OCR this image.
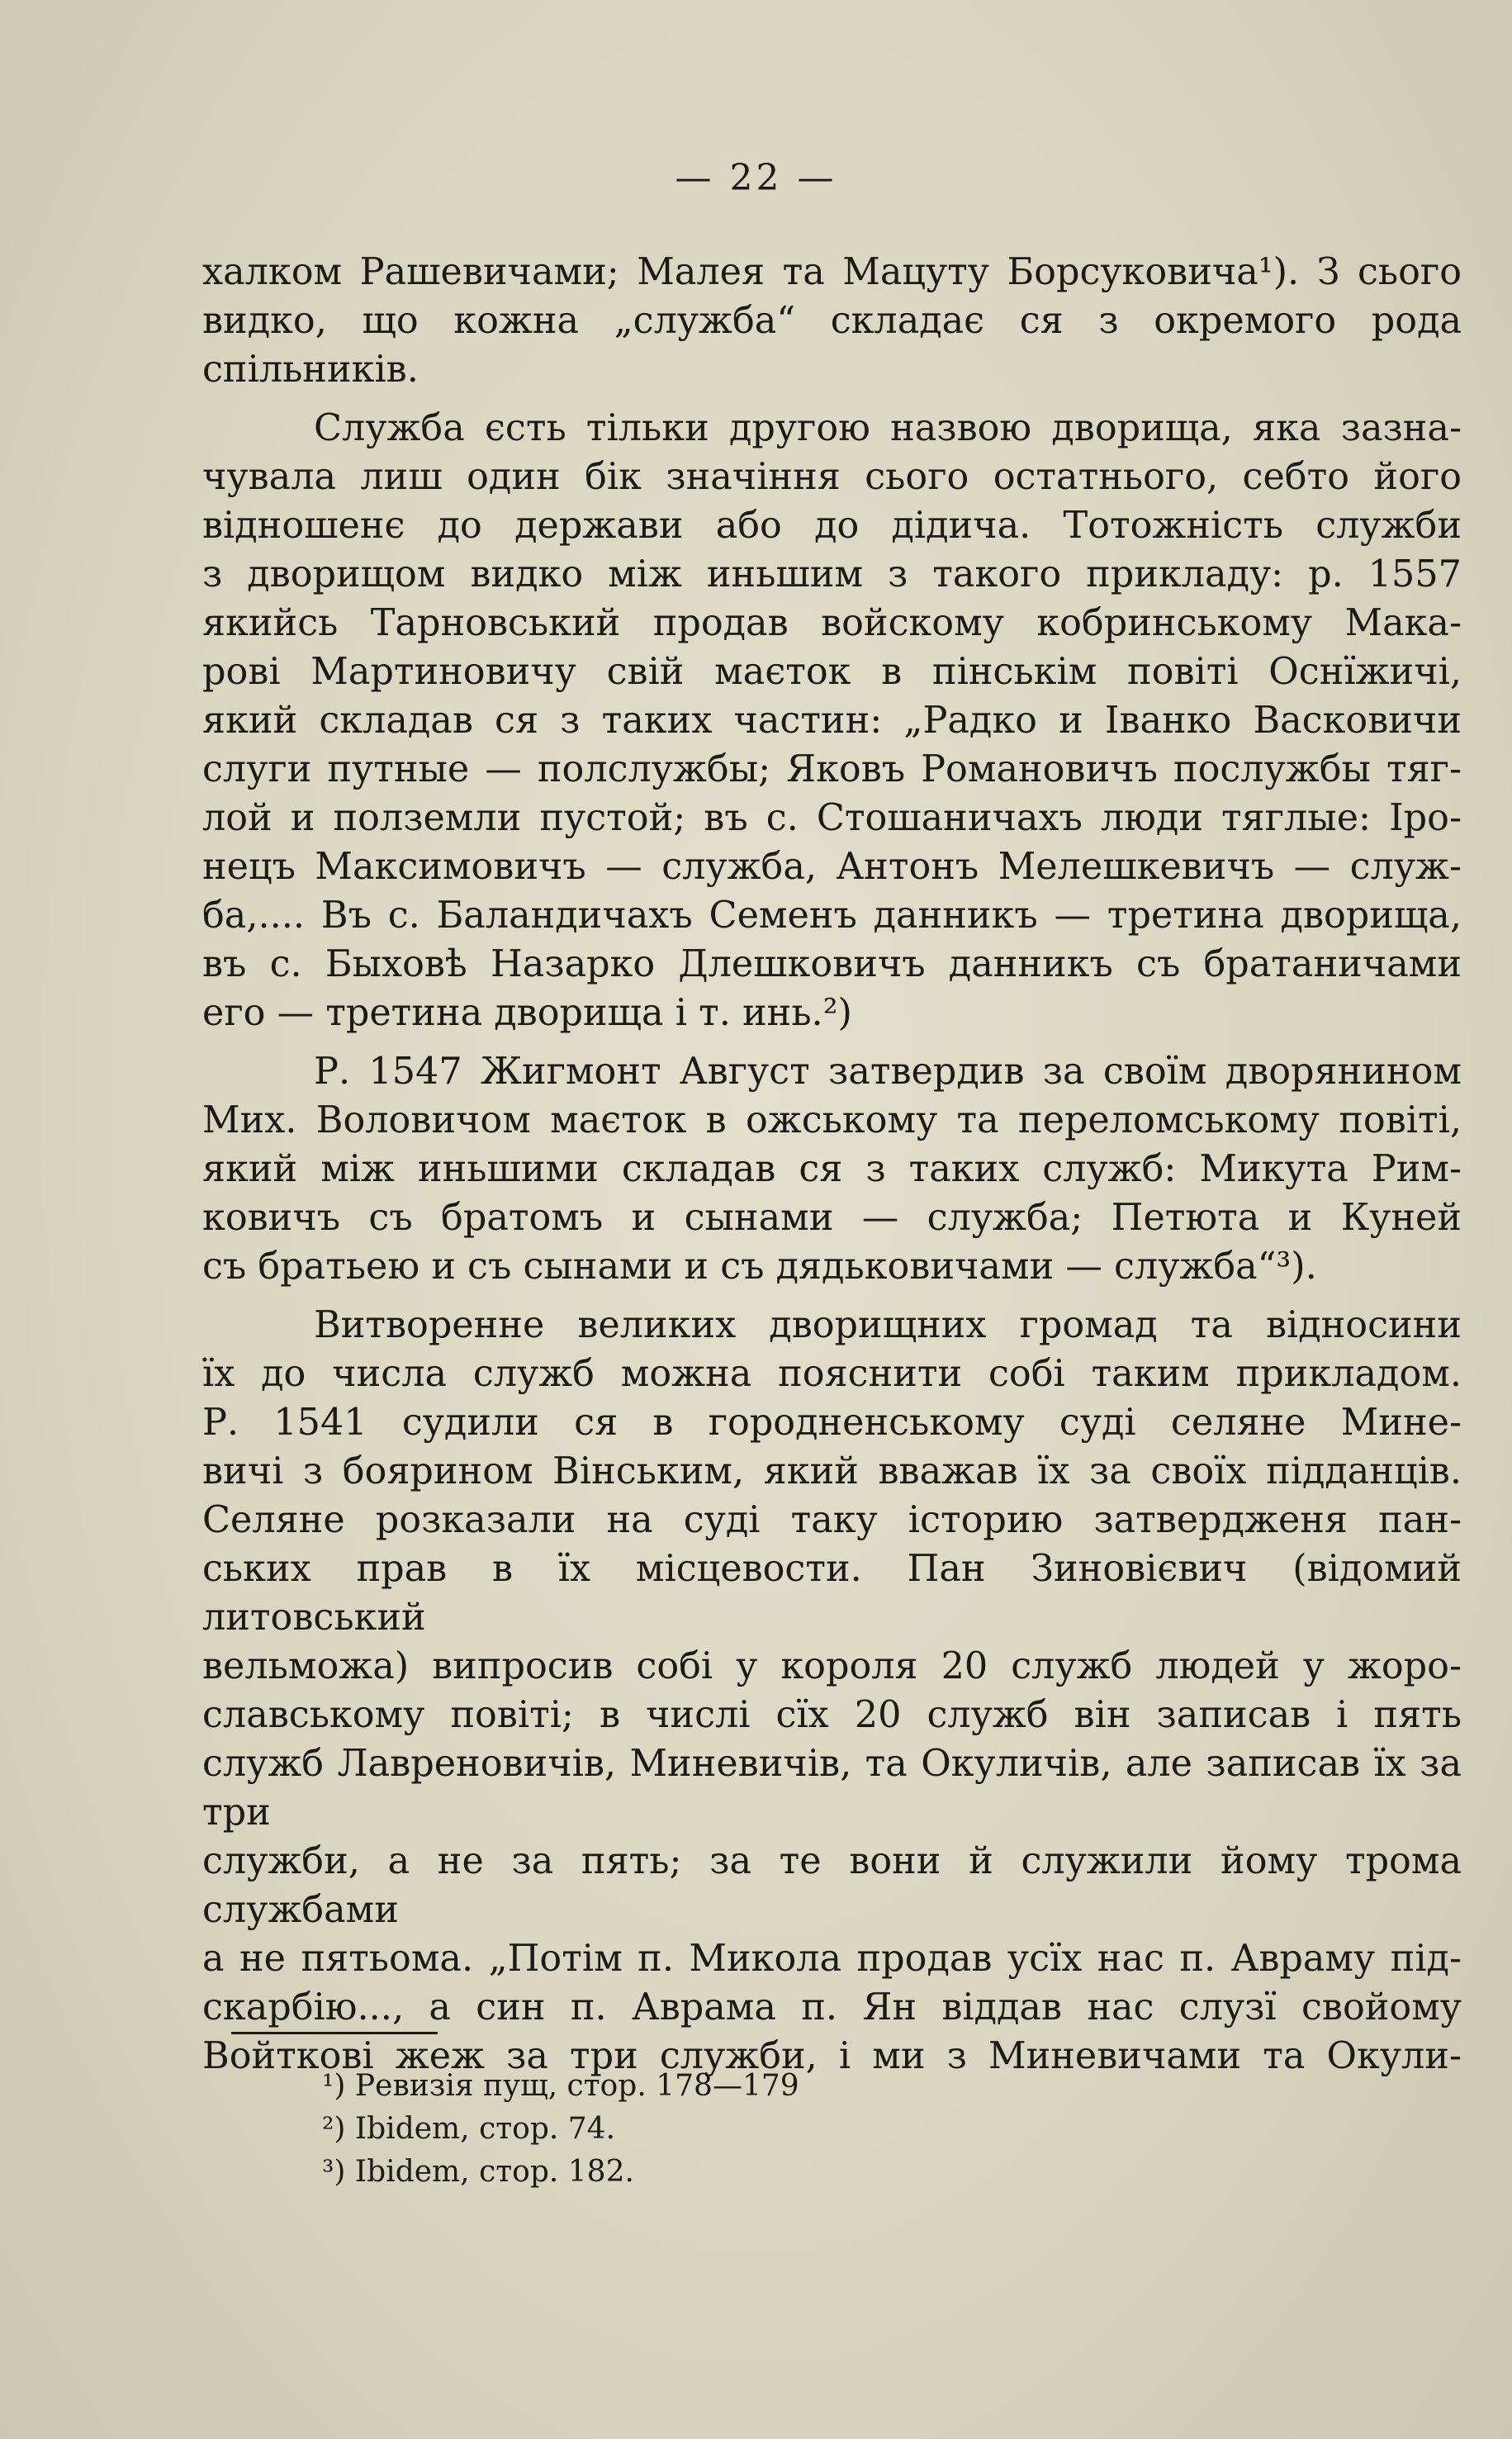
— 22 —

халком Рашевичами; Малея та Мацуту Борсуковича¹). З сього
видко, що кожна „служба“ складає ся з окремого рода
спільників.

Служба єсть тільки другою назвою дворища, яка зазна-
чувала лиш один бік значіння сього остатнього, себто його
відношенє до держави або до дідича. Тотожність служби
з дворищом видко між иньшим з такого прикладу: р. 1557
якийсь Тарновський продав войскому кобринському Мака-
рові Мартиновичу свій маєток в пінськім повіті Оснїжичі,
який складав ся з таких частин: „Радко и Іванко Васковичи
слуги путные — полслужбы; Яковъ Романовичъ послужбы тяг-
лой и полземли пустой; въ с. Стошаничахъ люди тяглые: Іро-
нецъ Максимовичъ — служба, Антонъ Мелешкевичъ — служ-
ба,.... Въ с. Баландичахъ Семенъ данникъ — третина дворища,
въ с. Быховѣ Назарко Длешковичъ данникъ съ братаничами
его — третина дворища і т. инь.²)

Р. 1547 Жигмонт Август затвердив за своїм дворянином
Мих. Воловичом маєток в ожському та переломському повіті,
який між иньшими складав ся з таких служб: Микута Рим-
ковичъ съ братомъ и сынами — служба; Петюта и Куней
съ братьею и съ сынами и съ дядьковичами — служба“³).

Витворенне великих дворищних громад та відносини
їх до числа служб можна пояснити собі таким прикладом.
Р. 1541 судили ся в городненському суді селяне Мине-
вичі з боярином Вінським, який вважав їх за своїх підданців.
Селяне розказали на суді таку історию затвердженя пан-
ських прав в їх місцевости. Пан Зиновієвич (відомий литовський
вельможа) випросив собі у короля 20 служб людей у жоро-
славському повіті; в числі сїх 20 служб він записав і пять
служб Лавреновичів, Миневичів, та Окуличів, але записав їх за три
служби, а не за пять; за те вони й служили йому трома службами
а не пятьома. „Потім п. Микола продав усїх нас п. Авраму під-
скарбію..., а син п. Аврама п. Ян віддав нас слузї свойому
Войткові жеж за три служби, і ми з Миневичами та Окули-

¹) Ревизія пущ, стор. 178—179
²) Ibidem, стор. 74.
³) Ibidem, стор. 182.
